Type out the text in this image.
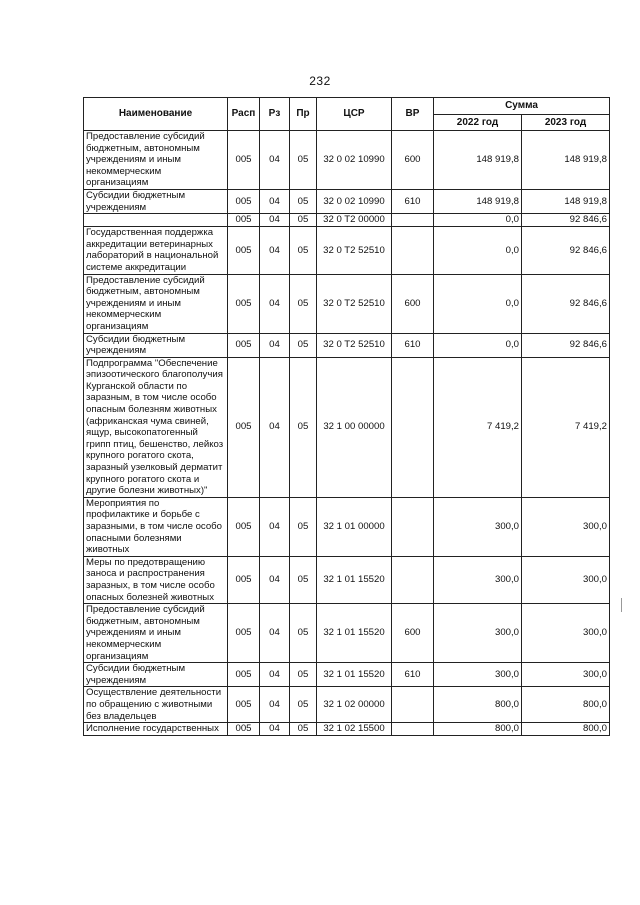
232
Наименование	Расп	Рз	Пр	ЦСР	ВР	Сумма	
						2022 год	2023 год
Предоставление субсидий бюджетным, автономным учреждениям и иным некоммерческим организациям	005	04	05	32 0 02 10990	600	148 919,8	148 919,8
Субсидии бюджетным учреждениям	005	04	05	32 0 02 10990	610	148 919,8	148 919,8
	005	04	05	32 0 T2 00000		0,0	92 846,6
Государственная поддержка аккредитации ветеринарных лабораторий в национальной системе аккредитации	005	04	05	32 0 T2 52510		0,0	92 846,6
Предоставление субсидий бюджетным, автономным учреждениям и иным некоммерческим организациям	005	04	05	32 0 T2 52510	600	0,0	92 846,6
Субсидии бюджетным учреждениям	005	04	05	32 0 T2 52510	610	0,0	92 846,6
Подпрограмма "Обеспечение эпизоотического благополучия Курганской области по заразным, в том числе особо опасным болезням животных (африканская чума свиней, ящур, высокопатогенный грипп птиц, бешенство, лейкоз крупного рогатого скота, заразный узелковый дерматит крупного рогатого скота и другие болезни животных)"	005	04	05	32 1 00 00000		7 419,2	7 419,2
Мероприятия по профилактике и борьбе с заразными, в том числе особо опасными болезнями животных	005	04	05	32 1 01 00000		300,0	300,0
Меры по предотвращению заноса и распространения заразных, в том числе особо опасных болезней животных	005	04	05	32 1 01 15520		300,0	300,0
Предоставление субсидий бюджетным, автономным учреждениям и иным некоммерческим организациям	005	04	05	32 1 01 15520	600	300,0	300,0
Субсидии бюджетным учреждениям	005	04	05	32 1 01 15520	610	300,0	300,0
Осуществление деятельности по обращению с животными без владельцев	005	04	05	32 1 02 00000		800,0	800,0
Исполнение государственных	005	04	05	32 1 02 15500		800,0	800,0
